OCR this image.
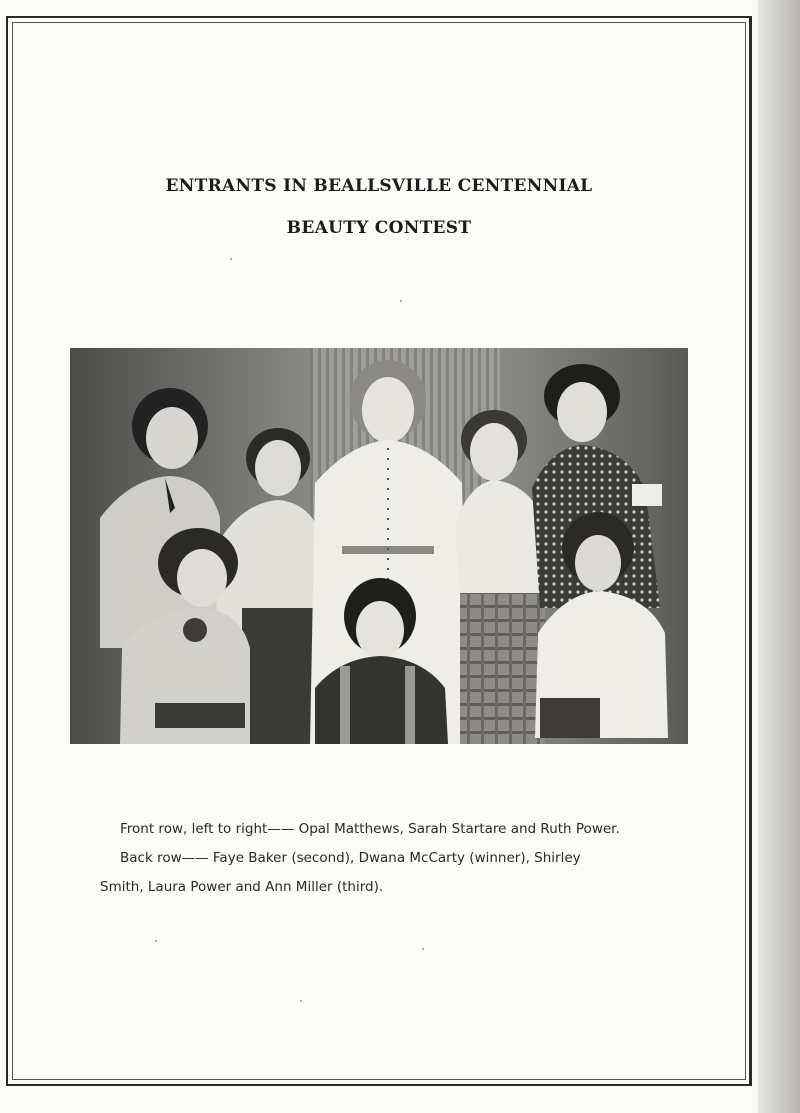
ENTRANTS IN BEALLSVILLE CENTENNIAL
BEAUTY CONTEST

Front row, left to right—— Opal Matthews, Sarah Startare and Ruth Power.

Back row—— Faye Baker (second), Dwana McCarty (winner), Shirley

Smith, Laura Power and Ann Miller (third).
